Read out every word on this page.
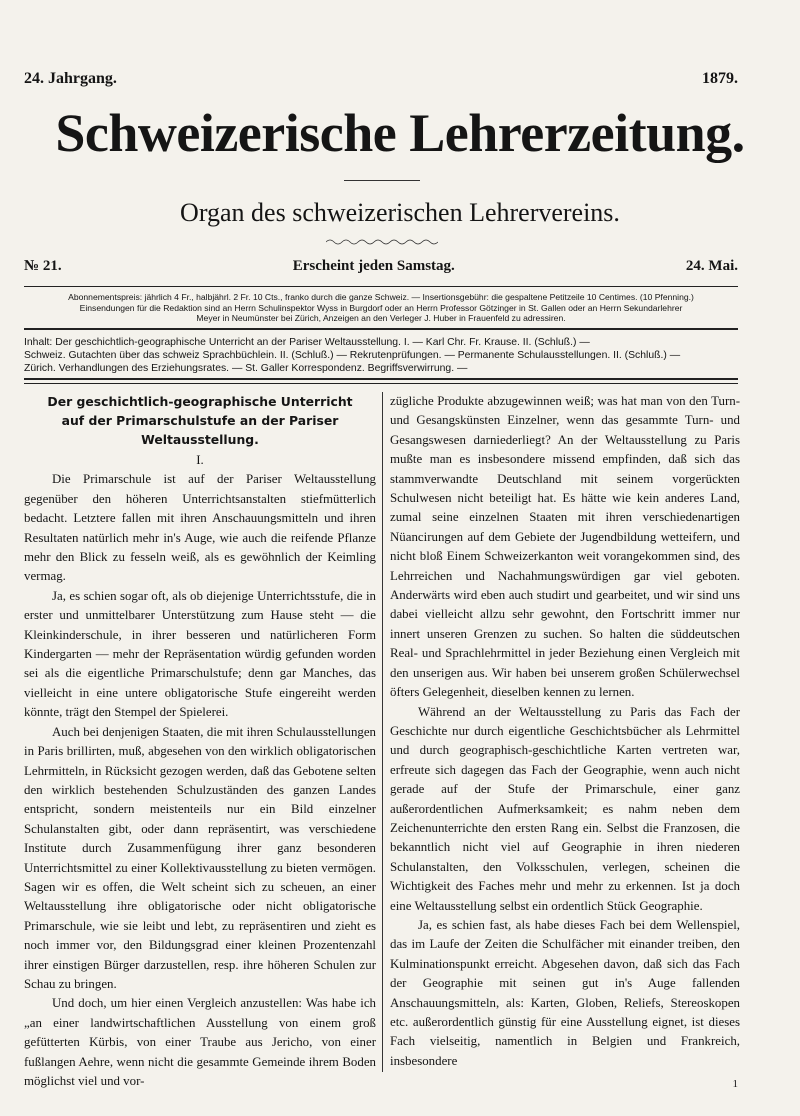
24. Jahrgang.	1879.
Schweizerische Lehrerzeitung.
Organ des schweizerischen Lehrervereins.
№ 21.	Erscheint jeden Samstag.	24. Mai.
Abonnementspreis: jährlich 4 Fr., halbjährl. 2 Fr. 10 Cts., franko durch die ganze Schweiz. — Insertionsgebühr: die gespaltene Petitzeile 10 Centimes. (10 Pfenning.)
Einsendungen für die Redaktion sind an Herrn Schulinspektor Wyss in Burgdorf oder an Herrn Professor Götzinger in St. Gallen oder an Herrn Sekundarlehrer
Meyer in Neumünster bei Zürich, Anzeigen an den Verleger J. Huber in Frauenfeld zu adressiren.
Inhalt: Der geschichtlich-geographische Unterricht an der Pariser Weltausstellung. I. — Karl Chr. Fr. Krause. II. (Schluß.) —
Schweiz. Gutachten über das schweiz Sprachbüchlein. II. (Schluß.) — Rekrutenprüfungen. — Permanente Schulausstellungen. II. (Schluß.) —
Zürich. Verhandlungen des Erziehungsrates. — St. Galler Korrespondenz. Begriffsverwirrung. —
Der geschichtlich-geographische Unterricht
auf der Primarschulstufe an der Pariser
Weltausstellung.
I.

Die Primarschule ist auf der Pariser Weltausstellung gegenüber den höheren Unterrichtsanstalten stiefmütterlich bedacht. Letztere fallen mit ihren Anschauungsmitteln und ihren Resultaten natürlich mehr in's Auge, wie auch die reifende Pflanze mehr den Blick zu fesseln weiß, als es gewöhnlich der Keimling vermag.

Ja, es schien sogar oft, als ob diejenige Unterrichtsstufe, die in erster und unmittelbarer Unterstützung zum Hause steht — die Kleinkinderschule, in ihrer besseren und natürlicheren Form Kindergarten — mehr der Repräsentation würdig gefunden worden sei als die eigentliche Primarschulstufe; denn gar Manches, das vielleicht in eine untere obligatorische Stufe eingereiht werden könnte, trägt den Stempel der Spielerei.

Auch bei denjenigen Staaten, die mit ihren Schulausstellungen in Paris brillirten, muß, abgesehen von den wirklich obligatorischen Lehrmitteln, in Rücksicht gezogen werden, daß das Gebotene selten den wirklich bestehenden Schulzuständen des ganzen Landes entspricht, sondern meistenteils nur ein Bild einzelner Schulanstalten gibt, oder dann repräsentirt, was verschiedene Institute durch Zusammenfügung ihrer ganz besonderen Unterrichtsmittel zu einer Kollektivausstellung zu bieten vermögen. Sagen wir es offen, die Welt scheint sich zu scheuen, an einer Weltausstellung ihre obligatorische oder nicht obligatorische Primarschule, wie sie leibt und lebt, zu repräsentiren und zieht es noch immer vor, den Bildungsgrad einer kleinen Prozentenzahl ihrer einstigen Bürger darzustellen, resp. ihre höheren Schulen zur Schau zu bringen.

Und doch, um hier einen Vergleich anzustellen: Was habe ich „an einer landwirtschaftlichen Ausstellung von einem groß gefütterten Kürbis, von einer Traube aus Jericho, von einer fußlangen Aehre, wenn nicht die gesammte Gemeinde ihrem Boden möglichst viel und vor-

zügliche Produkte abzugewinnen weiß; was hat man von den Turn- und Gesangskünsten Einzelner, wenn das gesammte Turn- und Gesangswesen darniederliegt? An der Weltausstellung zu Paris mußte man es insbesondere missend empfinden, daß sich das stammverwandte Deutschland mit seinem vorgerückten Schulwesen nicht beteiligt hat. Es hätte wie kein anderes Land, zumal seine einzelnen Staaten mit ihren verschiedenartigen Nüancirungen auf dem Gebiete der Jugendbildung wetteifern, und nicht bloß Einem Schweizerkanton weit vorangekommen sind, des Lehrreichen und Nachahmungswürdigen gar viel geboten. Anderwärts wird eben auch studirt und gearbeitet, und wir sind uns dabei vielleicht allzu sehr gewohnt, den Fortschritt immer nur innert unseren Grenzen zu suchen. So halten die süddeutschen Real- und Sprachlehrmittel in jeder Beziehung einen Vergleich mit den unserigen aus. Wir haben bei unserem großen Schülerwechsel öfters Gelegenheit, dieselben kennen zu lernen.

Während an der Weltausstellung zu Paris das Fach der Geschichte nur durch eigentliche Geschichtsbücher als Lehrmittel und durch geographisch-geschichtliche Karten vertreten war, erfreute sich dagegen das Fach der Geographie, wenn auch nicht gerade auf der Stufe der Primarschule, einer ganz außerordentlichen Aufmerksamkeit; es nahm neben dem Zeichenunterrichte den ersten Rang ein. Selbst die Franzosen, die bekanntlich nicht viel auf Geographie in ihren niederen Schulanstalten, den Volksschulen, verlegen, scheinen die Wichtigkeit des Faches mehr und mehr zu erkennen. Ist ja doch eine Weltausstellung selbst ein ordentlich Stück Geographie.

Ja, es schien fast, als habe dieses Fach bei dem Wellenspiel, das im Laufe der Zeiten die Schulfächer mit einander treiben, den Kulminationspunkt erreicht. Abgesehen davon, daß sich das Fach der Geographie mit seinen gut in's Auge fallenden Anschauungsmitteln, als: Karten, Globen, Reliefs, Stereoskopen etc. außerordentlich günstig für eine Ausstellung eignet, ist dieses Fach vielseitig, namentlich in Belgien und Frankreich, insbesondere

1
